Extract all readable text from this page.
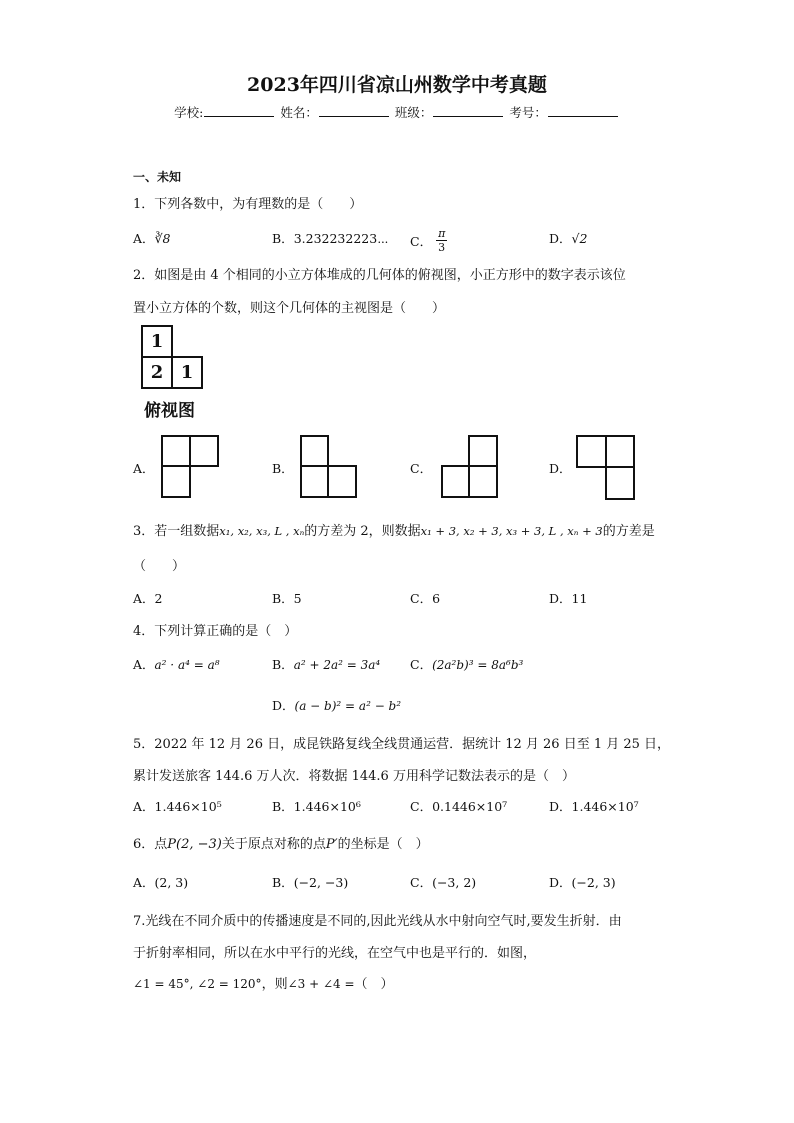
2023年四川省凉山州数学中考真题
学校:	姓名：	班级：	考号：
一、未知
1．下列各数中，为有理数的是（　　）
A．∛8	B．3.232232223⋯ C． $\frac{\pi}{3}$	D．√2
2．如图是由 4 个相同的小立方体堆成的几何体的俯视图，小正方形中的数字表示该位
置小立方体的个数，则这个几何体的主视图是（　　）
1
2 1
俯视图
A．	B．	C．	D．
3．若一组数据x₁, x₂, x₃, L , xₙ的方差为 2，则数据x₁ + 3, x₂ + 3, x₃ + 3, L , xₙ + 3的方差是
（　　）
A．2	B．5	C．6	D．11
4．下列计算正确的是（　）
A．a² · a⁴ = a⁸	B．a² + 2a² = 3a⁴ C．(2a²b)³ = 8a⁶b³
D．(a − b)² = a² − b²
5．2022 年 12 月 26 日，成昆铁路复线全线贯通运营．据统计 12 月 26 日至 1 月 25 日，
累计发送旅客 144.6 万人次．将数据 144.6 万用科学记数法表示的是（　）
A．1.446×10⁵	B．1.446×10⁶	C．0.1446×10⁷	D．1.446×10⁷
6．点P(2, −3)关于原点对称的点P′的坐标是（　）
A．(2, 3)	B．(−2, −3)	C．(−3, 2)	D．(−2, 3)
7.光线在不同介质中的传播速度是不同的,因此光线从水中射向空气时,要发生折射．由
于折射率相同，所以在水中平行的光线，在空气中也是平行的．如图，
∠1 = 45°, ∠2 = 120°，则∠3 + ∠4 =（　）
